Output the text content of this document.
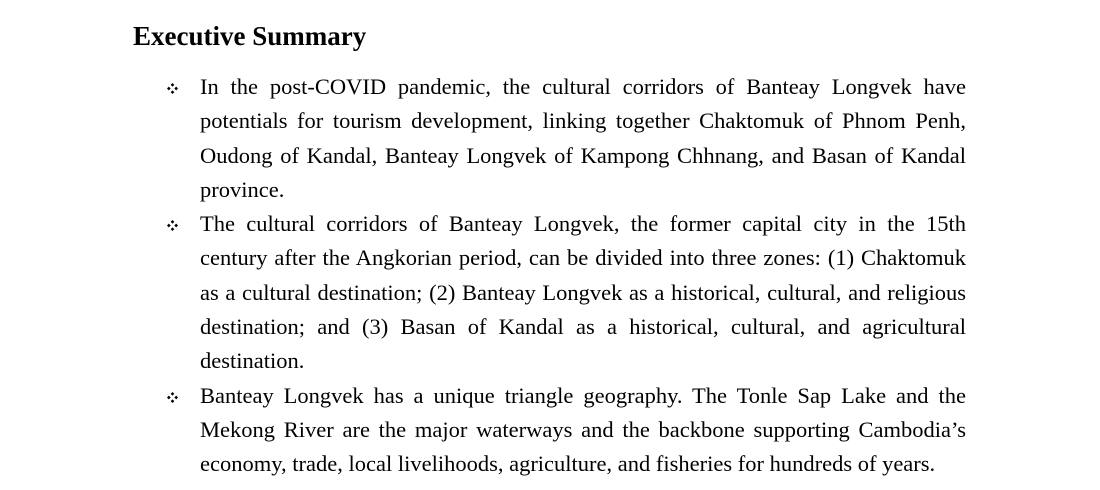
Executive Summary
In the post-COVID pandemic, the cultural corridors of Banteay Longvek have potentials for tourism development, linking together Chaktomuk of Phnom Penh, Oudong of Kandal, Banteay Longvek of Kampong Chhnang, and Basan of Kandal province.
The cultural corridors of Banteay Longvek, the former capital city in the 15th century after the Angkorian period, can be divided into three zones: (1) Chaktomuk as a cultural destination; (2) Banteay Longvek as a historical, cultural, and religious destination; and (3) Basan of Kandal as a historical, cultural, and agricultural destination.
Banteay Longvek has a unique triangle geography. The Tonle Sap Lake and the Mekong River are the major waterways and the backbone supporting Cambodia’s economy, trade, local livelihoods, agriculture, and fisheries for hundreds of years.
